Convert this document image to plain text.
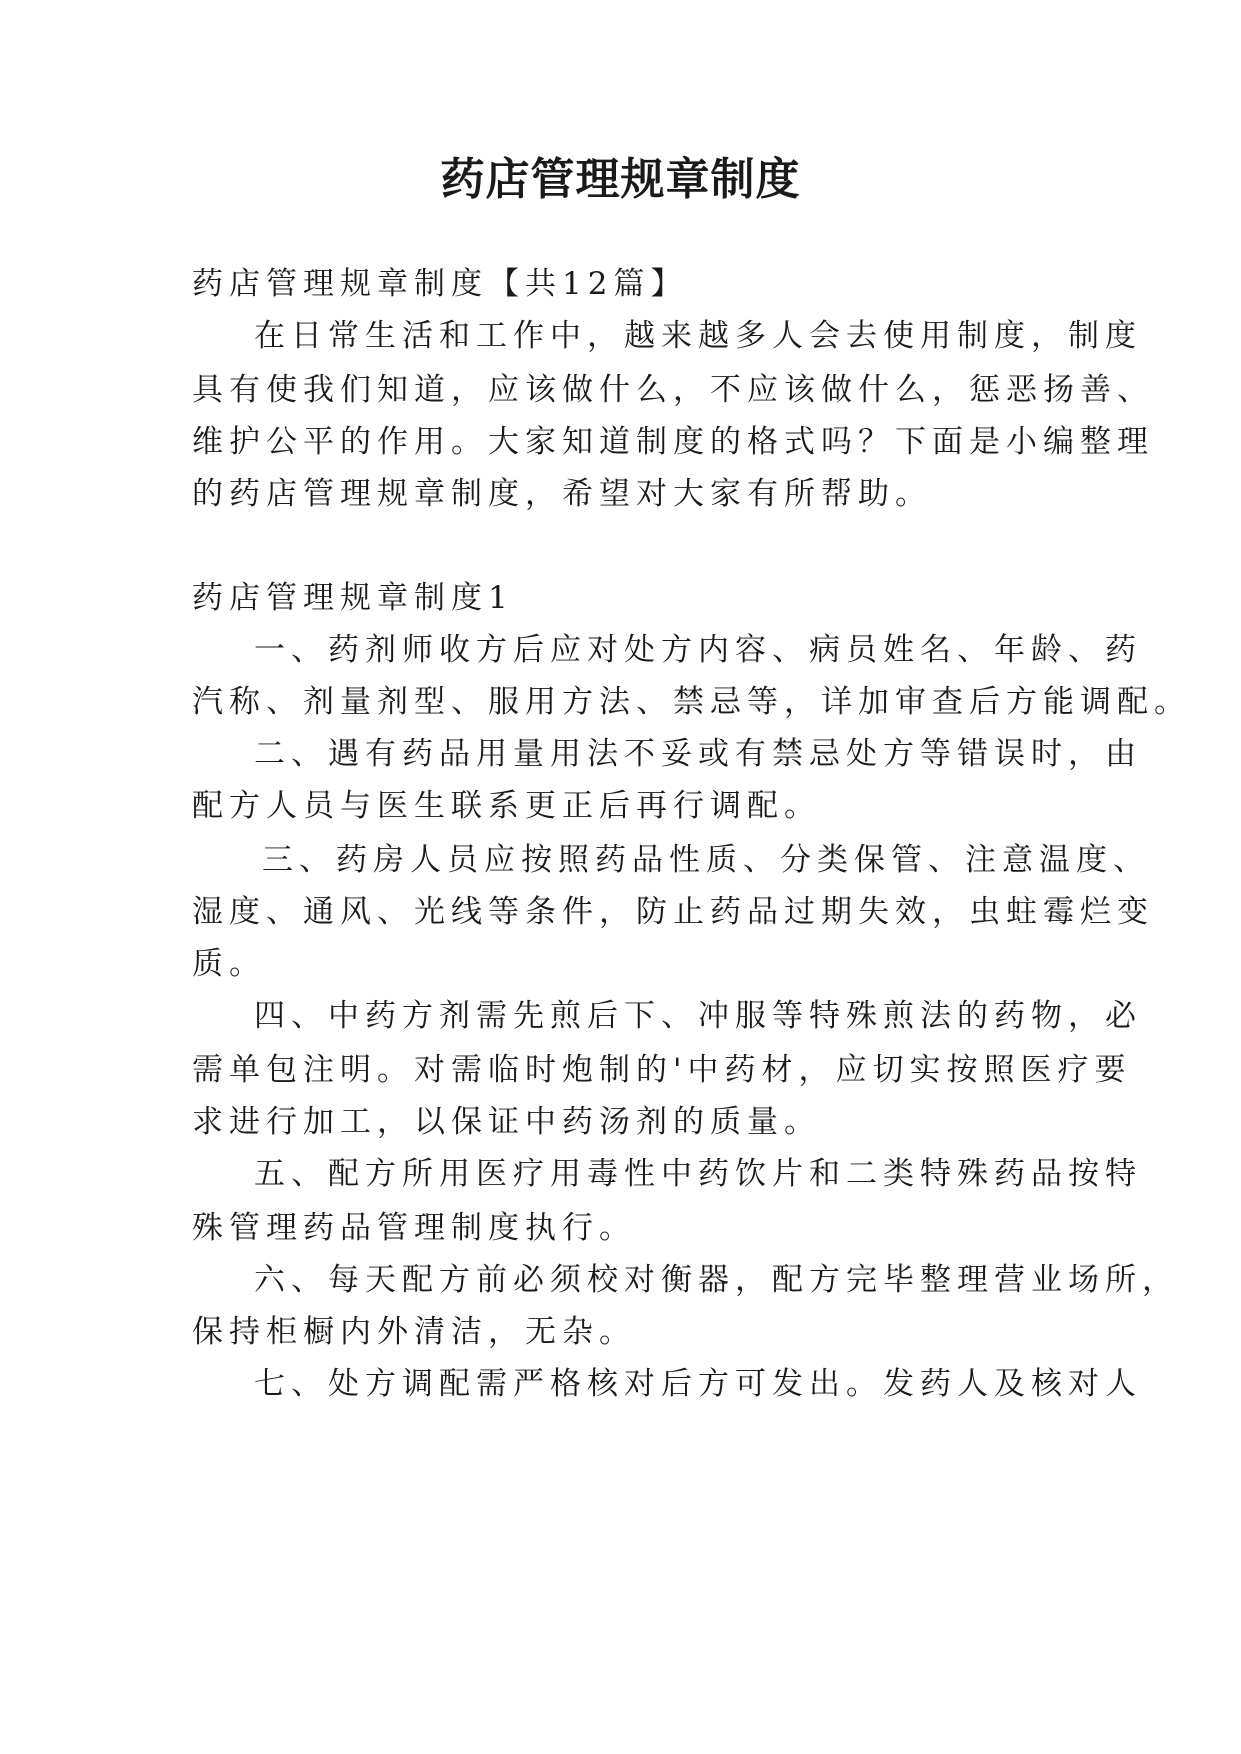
药店管理规章制度
药店管理规章制度【共12篇】
在日常生活和工作中，越来越多人会去使用制度，制度
具有使我们知道，应该做什么，不应该做什么，惩恶扬善、
维护公平的作用。大家知道制度的格式吗？下面是小编整理
的药店管理规章制度，希望对大家有所帮助。
药店管理规章制度1
一、药剂师收方后应对处方内容、病员姓名、年龄、药
汽称、剂量剂型、服用方法、禁忌等，详加审查后方能调配。
二、遇有药品用量用法不妥或有禁忌处方等错误时，由
配方人员与医生联系更正后再行调配。
三、药房人员应按照药品性质、分类保管、注意温度、
湿度、通风、光线等条件，防止药品过期失效，虫蛀霉烂变
质。
四、中药方剂需先煎后下、冲服等特殊煎法的药物，必
需单包注明。对需临时炮制的'中药材，应切实按照医疗要
求进行加工，以保证中药汤剂的质量。
五、配方所用医疗用毒性中药饮片和二类特殊药品按特
殊管理药品管理制度执行。
六、每天配方前必须校对衡器，配方完毕整理营业场所，
保持柜橱内外清洁，无杂。
七、处方调配需严格核对后方可发出。发药人及核对人
